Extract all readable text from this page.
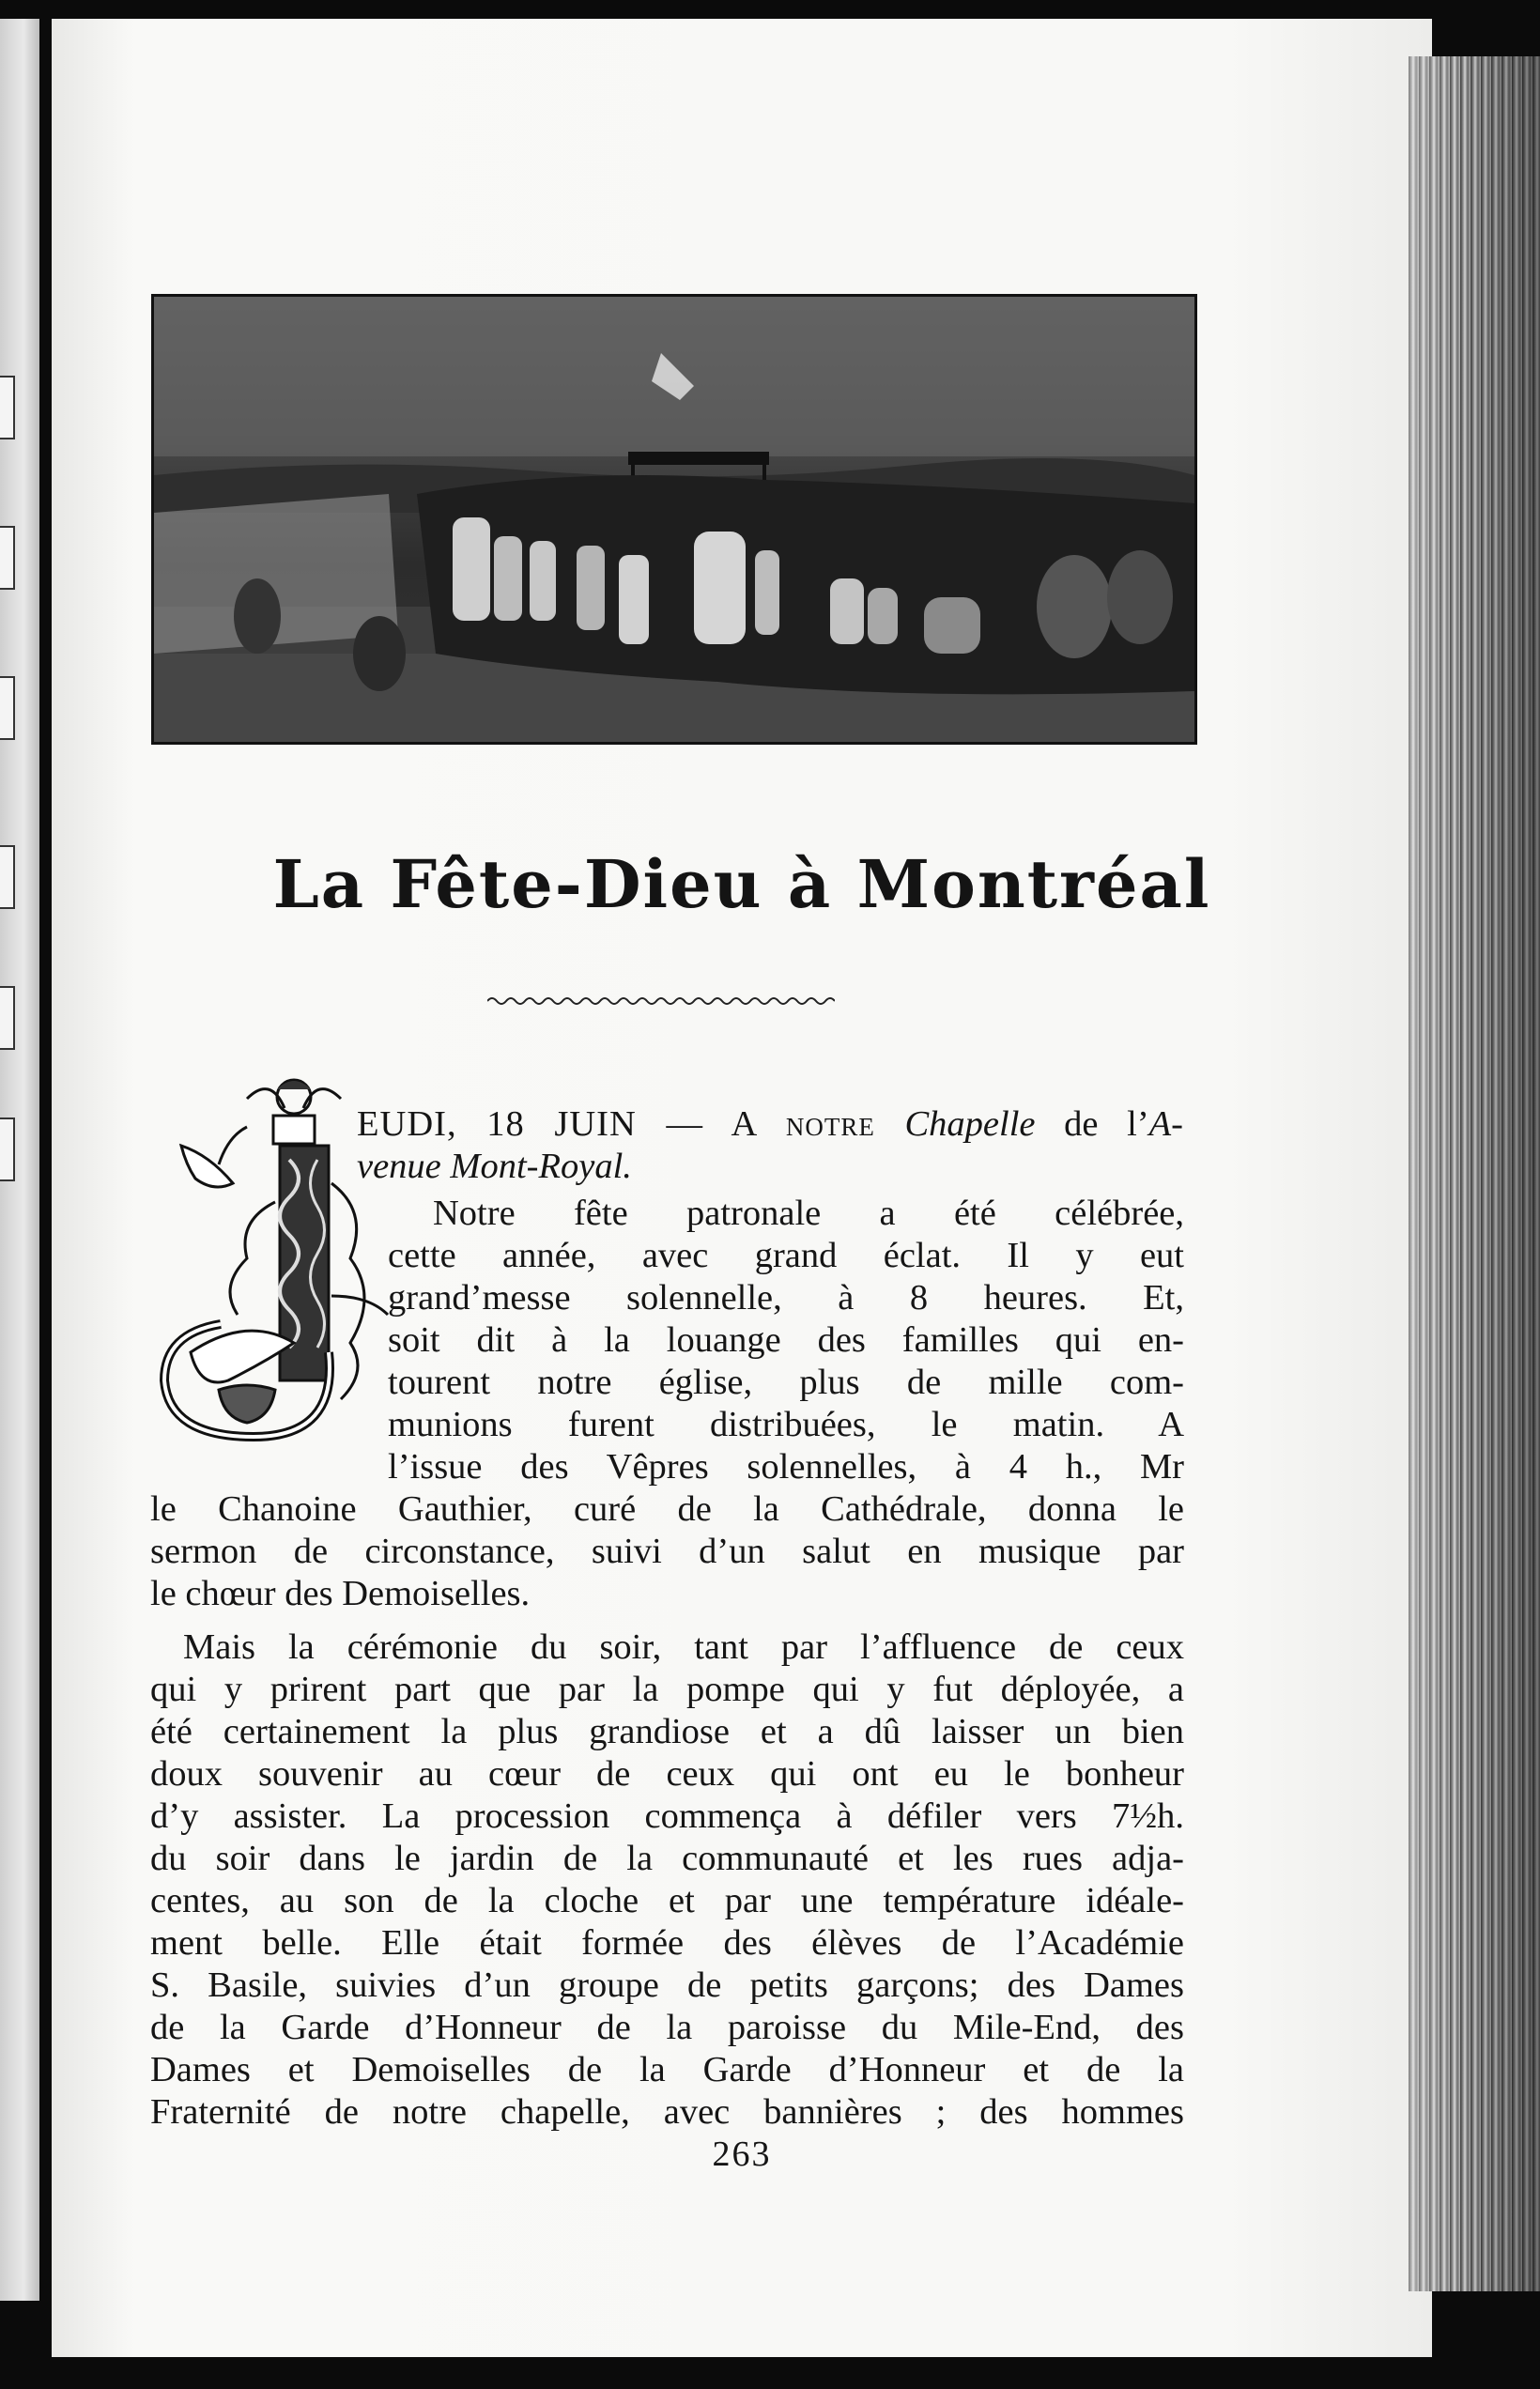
La Fête-Dieu à Montréal
EUDI, 18 JUIN — A notre Chapelle de l’A-
venue Mont-Royal.
Notre fête patronale a été célébrée,
cette année, avec grand éclat. Il y eut
grand’messe solennelle, à 8 heures. Et,
soit dit à la louange des familles qui en-
tourent notre église, plus de mille com-
munions furent distribuées, le matin. A
l’issue des Vêpres solennelles, à 4 h., Mr
le Chanoine Gauthier, curé de la Cathédrale, donna le
sermon de circonstance, suivi d’un salut en musique par
le chœur des Demoiselles.
Mais la cérémonie du soir, tant par l’affluence de ceux
qui y prirent part que par la pompe qui y fut déployée, a
été certainement la plus grandiose et a dû laisser un bien
doux souvenir au cœur de ceux qui ont eu le bonheur
d’y assister. La procession commença à défiler vers 7½h.
du soir dans le jardin de la communauté et les rues adja-
centes, au son de la cloche et par une température idéale-
ment belle. Elle était formée des élèves de l’Académie
S. Basile, suivies d’un groupe de petits garçons; des Dames
de la Garde d’Honneur de la paroisse du Mile-End, des
Dames et Demoiselles de la Garde d’Honneur et de la
Fraternité de notre chapelle, avec bannières ; des hommes
263
